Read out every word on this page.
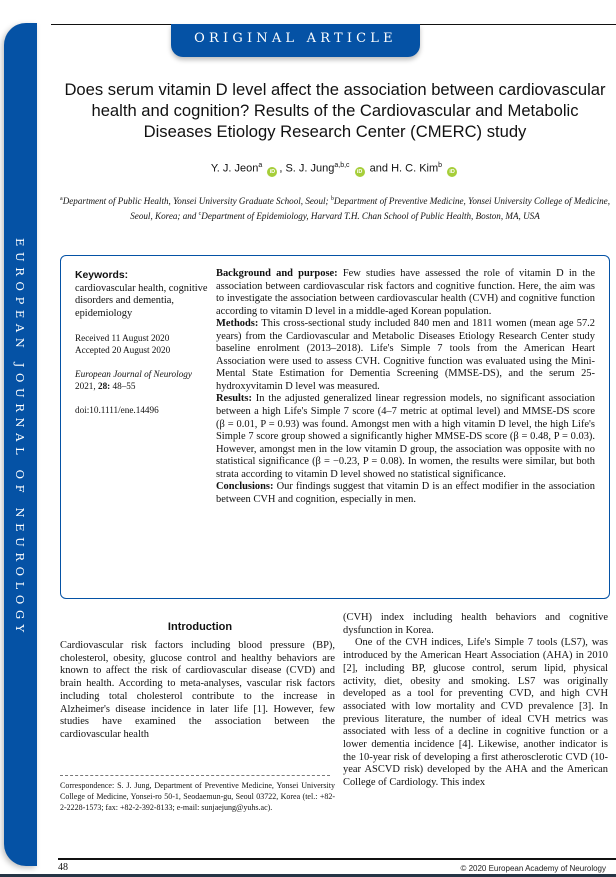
EUROPEAN JOURNAL OF NEUROLOGY
ORIGINAL ARTICLE
Does serum vitamin D level affect the association between cardiovascular health and cognition? Results of the Cardiovascular and Metabolic Diseases Etiology Research Center (CMERC) study
Y. J. Jeon$^a$ iD , S. J. Jung$^{a,b,c}$ iD and H. C. Kim$^b$ iD
$^a$Department of Public Health, Yonsei University Graduate School, Seoul; $^b$Department of Preventive Medicine, Yonsei University College of Medicine, Seoul, Korea; and $^c$Department of Epidemiology, Harvard T.H. Chan School of Public Health, Boston, MA, USA
Keywords:
cardiovascular health, cognitive disorders and dementia, epidemiology
Received 11 August 2020
Accepted 20 August 2020
European Journal of Neurology 2021, 28: 48–55
doi:10.1111/ene.14496

Background and purpose: Few studies have assessed the role of vitamin D in the association between cardiovascular risk factors and cognitive function. Here, the aim was to investigate the association between cardiovascular health (CVH) and cognitive function according to vitamin D level in a middle-aged Korean population.

Methods: This cross-sectional study included 840 men and 1811 women (mean age 57.2 years) from the Cardiovascular and Metabolic Diseases Etiology Research Center study baseline enrolment (2013–2018). Life's Simple 7 tools from the American Heart Association were used to assess CVH. Cognitive function was evaluated using the Mini-Mental State Estimation for Dementia Screening (MMSE-DS), and the serum 25-hydroxyvitamin D level was measured.

Results: In the adjusted generalized linear regression models, no significant association between a high Life's Simple 7 score (4–7 metric at optimal level) and MMSE-DS score (β = 0.01, P = 0.93) was found. Amongst men with a high vitamin D level, the high Life's Simple 7 score group showed a significantly higher MMSE-DS score (β = 0.48, P = 0.03). However, amongst men in the low vitamin D group, the association was opposite with no statistical significance (β = −0.23, P = 0.08). In women, the results were similar, but both strata according to vitamin D level showed no statistical significance.

Conclusions: Our findings suggest that vitamin D is an effect modifier in the association between CVH and cognition, especially in men.

Introduction
Cardiovascular risk factors including blood pressure (BP), cholesterol, obesity, glucose control and healthy behaviors are known to affect the risk of cardiovascular disease (CVD) and brain health. According to meta-analyses, vascular risk factors including total cholesterol contribute to the increase in Alzheimer's disease incidence in later life [1]. However, few studies have examined the association between the cardiovascular health

(CVH) index including health behaviors and cognitive dysfunction in Korea.

One of the CVH indices, Life's Simple 7 tools (LS7), was introduced by the American Heart Association (AHA) in 2010 [2], including BP, glucose control, serum lipid, physical activity, diet, obesity and smoking. LS7 was originally developed as a tool for preventing CVD, and high CVH associated with low mortality and CVD prevalence [3]. In previous literature, the number of ideal CVH metrics was associated with less of a decline in cognitive function or a lower dementia incidence [4]. Likewise, another indicator is the 10-year risk of developing a first atherosclerotic CVD (10-year ASCVD risk) developed by the AHA and the American College of Cardiology. This index

Correspondence: S. J. Jung, Department of Preventive Medicine, Yonsei University College of Medicine, Yonsei-ro 50-1, Seodaemun-gu, Seoul 03722, Korea (tel.: +82-2-2228-1573; fax: +82-2-392-8133; e-mail: sunjaejung@yuhs.ac).
48	© 2020 European Academy of Neurology
